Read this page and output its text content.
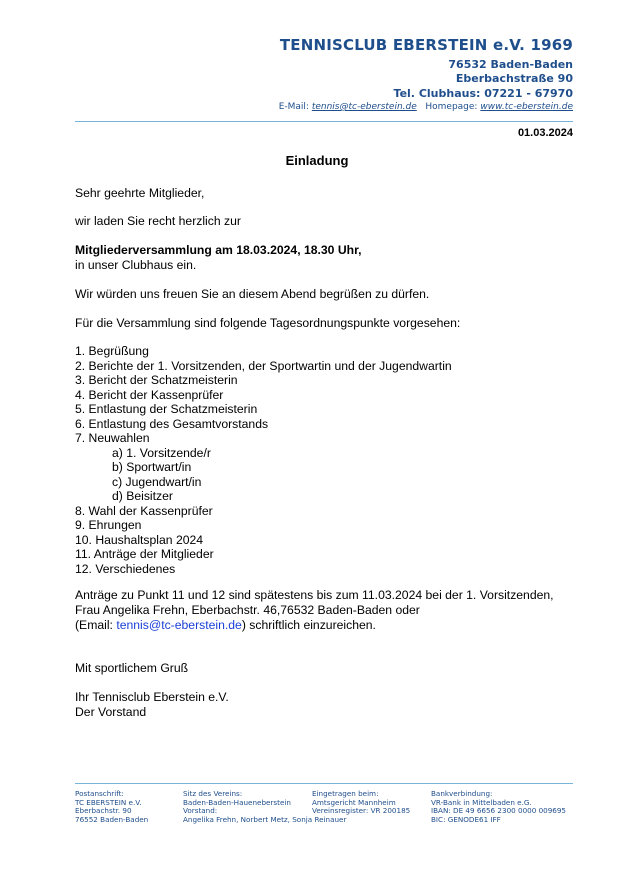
TENNISCLUB EBERSTEIN e.V. 1969
76532 Baden-Baden
Eberbachstraße 90
Tel. Clubhaus: 07221 - 67970
E-Mail: tennis@tc-eberstein.de Homepage: www.tc-eberstein.de
01.03.2024
Einladung
Sehr geehrte Mitglieder,
wir laden Sie recht herzlich zur
Mitgliederversammlung am 18.03.2024, 18.30 Uhr,
in unser Clubhaus ein.
Wir würden uns freuen Sie an diesem Abend begrüßen zu dürfen.
Für die Versammlung sind folgende Tagesordnungspunkte vorgesehen:
1. Begrüßung
2. Berichte der 1. Vorsitzenden, der Sportwartin und der Jugendwartin
3. Bericht der Schatzmeisterin
4. Bericht der Kassenprüfer
5. Entlastung der Schatzmeisterin
6. Entlastung des Gesamtvorstands
7. Neuwahlen
a) 1. Vorsitzende/r
b) Sportwart/in
c) Jugendwart/in
d) Beisitzer
8. Wahl der Kassenprüfer
9. Ehrungen
10. Haushaltsplan 2024
11. Anträge der Mitglieder
12. Verschiedenes
Anträge zu Punkt 11 und 12 sind spätestens bis zum 11.03.2024 bei der 1. Vorsitzenden,
Frau Angelika Frehn, Eberbachstr. 46,76532 Baden-Baden oder
(Email: tennis@tc-eberstein.de) schriftlich einzureichen.
Mit sportlichem Gruß
Ihr Tennisclub Eberstein e.V.
Der Vorstand
Postanschrift:
TC EBERSTEIN e.V.
Eberbachstr. 90
76552 Baden-Baden
Sitz des Vereins:
Baden-Baden-Haueneberstein
Vorstand:
Angelika Frehn, Norbert Metz, Sonja Reinauer
Eingetragen beim:
Amtsgericht Mannheim
Vereinsregister: VR 200185
Bankverbindung:
VR-Bank in Mittelbaden e.G.
IBAN: DE 49 6656 2300 0000 009695
BIC: GENODE61 IFF
